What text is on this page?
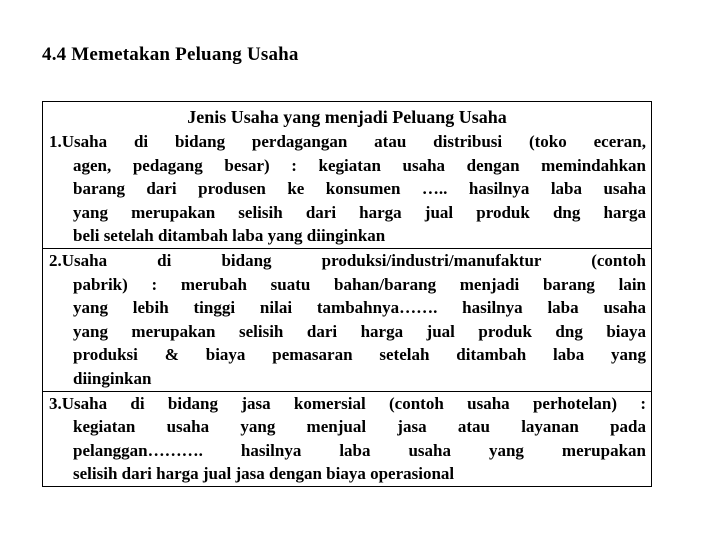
4.4 Memetakan Peluang Usaha
Jenis Usaha yang menjadi Peluang Usaha
1.Usaha di bidang perdagangan atau distribusi (toko eceran,
agen, pedagang besar) : kegiatan usaha dengan memindahkan
barang dari produsen ke konsumen ….. hasilnya laba usaha
yang merupakan selisih dari harga jual produk dng harga
beli setelah ditambah laba yang diinginkan
2.Usaha di bidang produksi/industri/manufaktur (contoh
pabrik) : merubah suatu bahan/barang menjadi barang lain
yang lebih tinggi nilai tambahnya……. hasilnya laba usaha
yang merupakan selisih dari harga jual produk dng biaya
produksi & biaya pemasaran setelah ditambah laba yang
diinginkan
3.Usaha di bidang jasa komersial (contoh usaha perhotelan) :
kegiatan usaha yang menjual jasa atau layanan pada
pelanggan………. hasilnya laba usaha yang merupakan
selisih dari harga jual jasa dengan biaya operasional
